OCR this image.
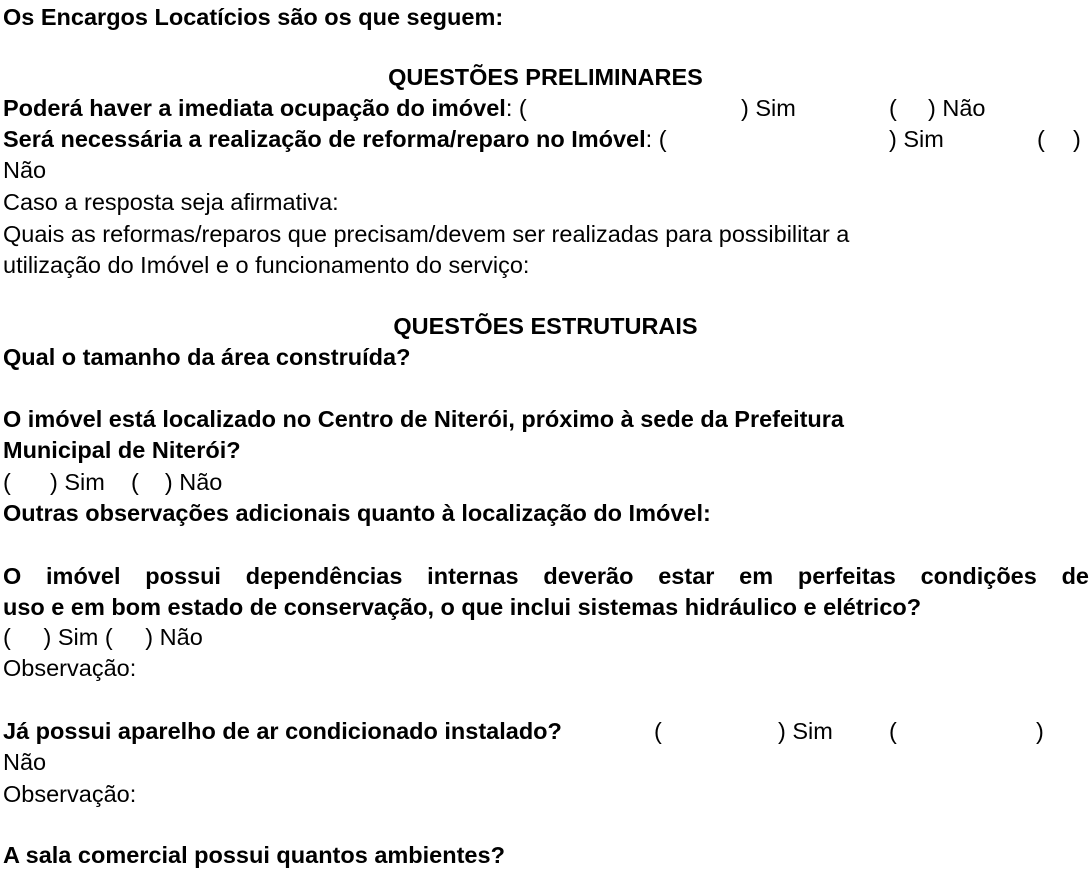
Os Encargos Locatícios são os que seguem:
QUESTÕES PRELIMINARES
Poderá haver a imediata ocupação do imóvel: (	) Sim	( ) Não
Será necessária a realização de reforma/reparo no Imóvel: (	) Sim	( )
Não
Caso a resposta seja afirmativa:
Quais as reformas/reparos que precisam/devem ser realizadas para possibilitar a
utilização do Imóvel e o funcionamento do serviço:
QUESTÕES ESTRUTURAIS
Qual o tamanho da área construída?
O imóvel está localizado no Centro de Niterói, próximo à sede da Prefeitura
Municipal de Niterói?
(      ) Sim    (    ) Não
Outras observações adicionais quanto à localização do Imóvel:
O imóvel possui dependências internas deverão estar em perfeitas condições de
uso e em bom estado de conservação, o que inclui sistemas hidráulico e elétrico?
(     ) Sim (     ) Não
Observação:
Já possui aparelho de ar condicionado instalado?	(	) Sim (	)
Não
Observação:
A sala comercial possui quantos ambientes?
